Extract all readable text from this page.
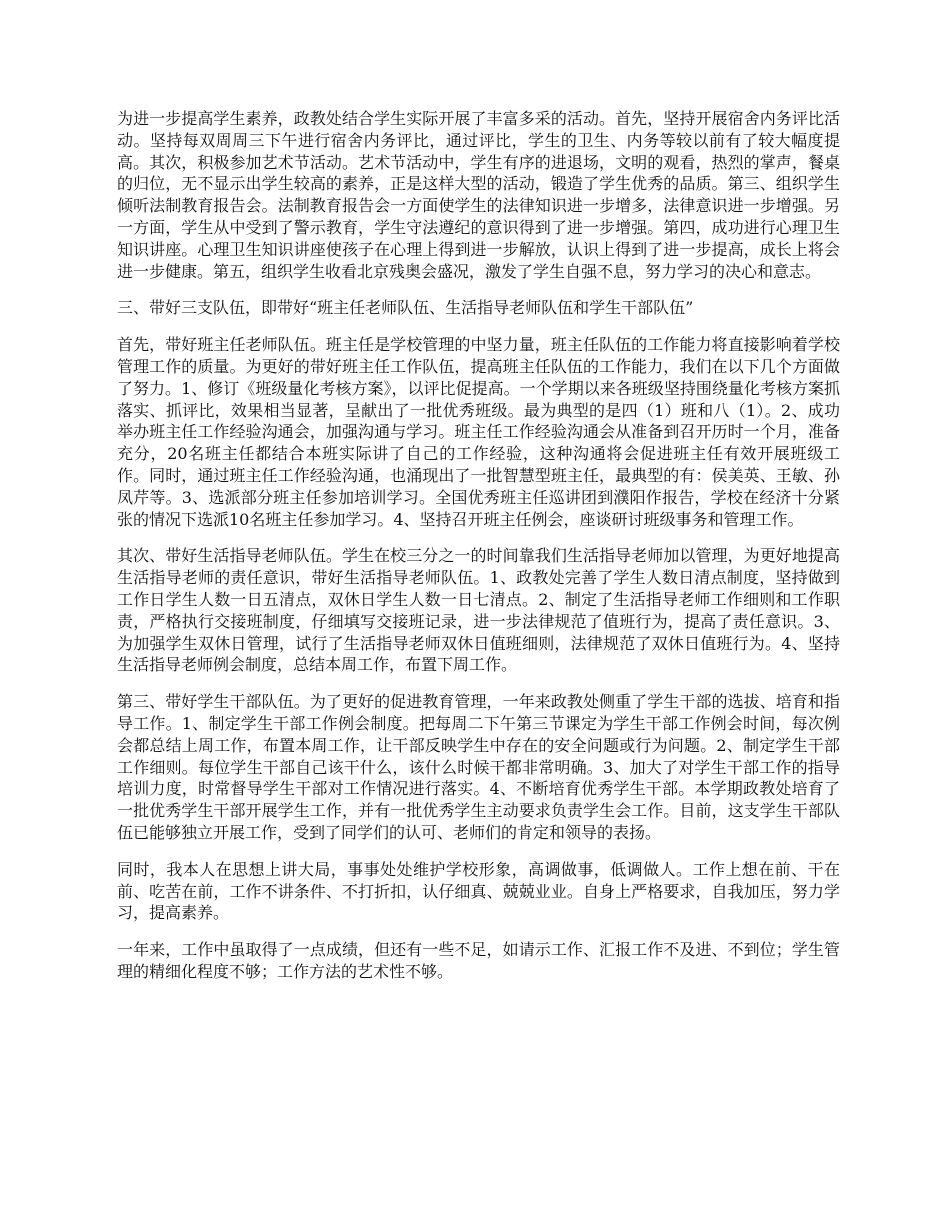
为进一步提高学生素养，政教处结合学生实际开展了丰富多采的活动。首先，坚持开展宿舍内务评比活动。坚持每双周周三下午进行宿舍内务评比，通过评比，学生的卫生、内务等较以前有了较大幅度提高。其次，积极参加艺术节活动。艺术节活动中，学生有序的进退场，文明的观看，热烈的掌声，餐桌的归位，无不显示出学生较高的素养，正是这样大型的活动，锻造了学生优秀的品质。第三、组织学生倾听法制教育报告会。法制教育报告会一方面使学生的法律知识进一步增多，法律意识进一步增强。另一方面，学生从中受到了警示教育，学生守法遵纪的意识得到了进一步增强。第四，成功进行心理卫生知识讲座。心理卫生知识讲座使孩子在心理上得到进一步解放，认识上得到了进一步提高，成长上将会进一步健康。第五，组织学生收看北京残奥会盛况，激发了学生自强不息，努力学习的决心和意志。

三、带好三支队伍，即带好“班主任老师队伍、生活指导老师队伍和学生干部队伍”

首先，带好班主任老师队伍。班主任是学校管理的中坚力量，班主任队伍的工作能力将直接影响着学校管理工作的质量。为更好的带好班主任工作队伍，提高班主任队伍的工作能力，我们在以下几个方面做了努力。1、修订《班级量化考核方案》，以评比促提高。一个学期以来各班级坚持围绕量化考核方案抓落实、抓评比，效果相当显著，呈献出了一批优秀班级。最为典型的是四（1）班和八（1）。2、成功举办班主任工作经验沟通会，加强沟通与学习。班主任工作经验沟通会从准备到召开历时一个月，准备充分，20名班主任都结合本班实际讲了自己的工作经验，这种沟通将会促进班主任有效开展班级工作。同时，通过班主任工作经验沟通，也涌现出了一批智慧型班主任，最典型的有：侯美英、王敏、孙凤芹等。3、选派部分班主任参加培训学习。全国优秀班主任巡讲团到濮阳作报告，学校在经济十分紧张的情况下选派10名班主任参加学习。4、坚持召开班主任例会，座谈研讨班级事务和管理工作。

其次、带好生活指导老师队伍。学生在校三分之一的时间靠我们生活指导老师加以管理，为更好地提高生活指导老师的责任意识，带好生活指导老师队伍。1、政教处完善了学生人数日清点制度，坚持做到工作日学生人数一日五清点，双休日学生人数一日七清点。2、制定了生活指导老师工作细则和工作职责，严格执行交接班制度，仔细填写交接班记录，进一步法律规范了值班行为，提高了责任意识。3、为加强学生双休日管理，试行了生活指导老师双休日值班细则，法律规范了双休日值班行为。4、坚持生活指导老师例会制度，总结本周工作，布置下周工作。

第三、带好学生干部队伍。为了更好的促进教育管理，一年来政教处侧重了学生干部的选拔、培育和指导工作。1、制定学生干部工作例会制度。把每周二下午第三节课定为学生干部工作例会时间，每次例会都总结上周工作，布置本周工作，让干部反映学生中存在的安全问题或行为问题。2、制定学生干部工作细则。每位学生干部自己该干什么，该什么时候干都非常明确。3、加大了对学生干部工作的指导培训力度，时常督导学生干部对工作情况进行落实。4、不断培育优秀学生干部。本学期政教处培育了一批优秀学生干部开展学生工作，并有一批优秀学生主动要求负责学生会工作。目前，这支学生干部队伍已能够独立开展工作，受到了同学们的认可、老师们的肯定和领导的表扬。

同时，我本人在思想上讲大局，事事处处维护学校形象，高调做事，低调做人。工作上想在前、干在前、吃苦在前，工作不讲条件、不打折扣，认仔细真、兢兢业业。自身上严格要求，自我加压，努力学习，提高素养。

一年来，工作中虽取得了一点成绩，但还有一些不足，如请示工作、汇报工作不及进、不到位；学生管理的精细化程度不够；工作方法的艺术性不够。
